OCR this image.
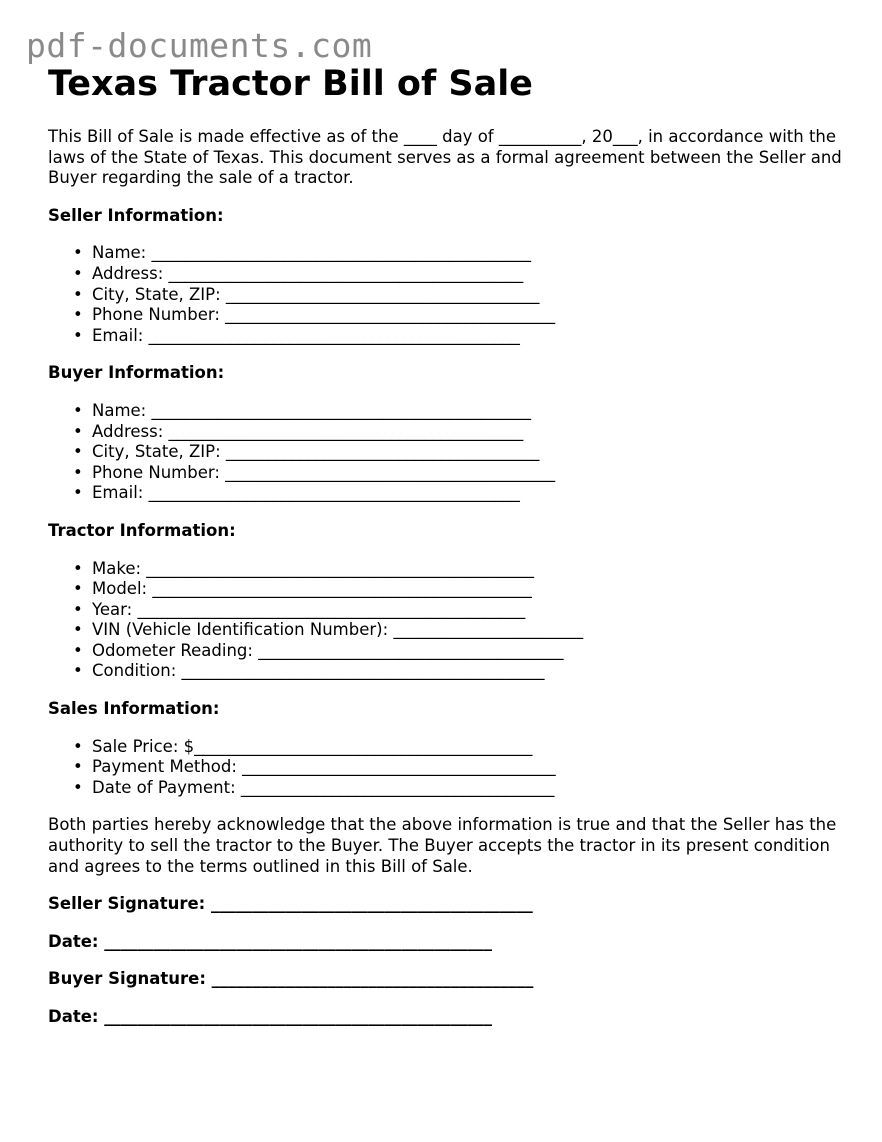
pdf-documents.com
Texas Tractor Bill of Sale

This Bill of Sale is made effective as of the ____ day of __________, 20___, in accordance with the laws of the State of Texas. This document serves as a formal agreement between the Seller and Buyer regarding the sale of a tractor.

Seller Information:
• Name: ______________________________________________
• Address: ___________________________________________
• City, State, ZIP: ______________________________________
• Phone Number: ________________________________________
• Email: _____________________________________________
Buyer Information:
• Name: ______________________________________________
• Address: ___________________________________________
• City, State, ZIP: ______________________________________
• Phone Number: ________________________________________
• Email: _____________________________________________
Tractor Information:
• Make: _______________________________________________
• Model: ______________________________________________
• Year: _______________________________________________
• VIN (Vehicle Identification Number): _______________________
• Odometer Reading: _____________________________________
• Condition: ____________________________________________
Sales Information:
• Sale Price: $_________________________________________
• Payment Method: ______________________________________
• Date of Payment: ______________________________________

Both parties hereby acknowledge that the above information is true and that the Seller has the authority to sell the tractor to the Buyer. The Buyer accepts the tractor in its present condition and agrees to the terms outlined in this Bill of Sale.

Seller Signature: _______________________________________
Date: _______________________________________________
Buyer Signature: _______________________________________
Date: _______________________________________________
